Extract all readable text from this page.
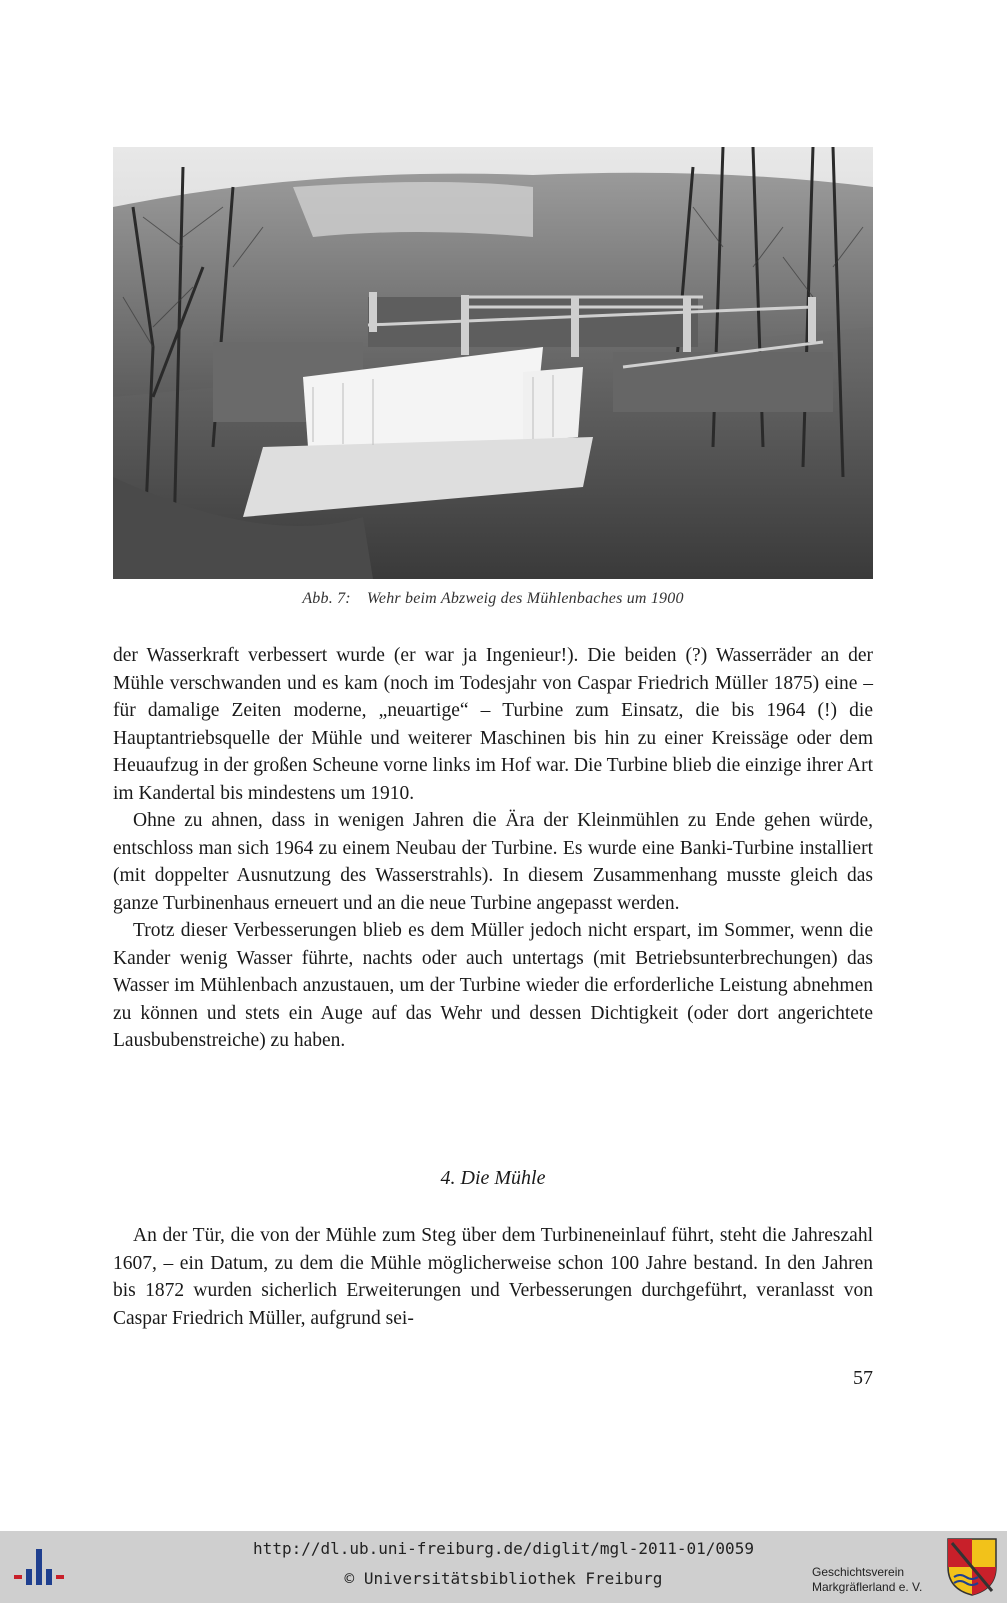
Abb. 7: Wehr beim Abzweig des Mühlenbaches um 1900

der Wasserkraft verbessert wurde (er war ja Ingenieur!). Die beiden (?) Wasserräder an der Mühle verschwanden und es kam (noch im Todesjahr von Caspar Friedrich Müller 1875) eine – für damalige Zeiten moderne, „neuartige“ – Turbine zum Einsatz, die bis 1964 (!) die Hauptantriebsquelle der Mühle und weiterer Maschinen bis hin zu einer Kreissäge oder dem Heuaufzug in der großen Scheune vorne links im Hof war. Die Turbine blieb die einzige ihrer Art im Kandertal bis mindestens um 1910.

Ohne zu ahnen, dass in wenigen Jahren die Ära der Kleinmühlen zu Ende gehen würde, entschloss man sich 1964 zu einem Neubau der Turbine. Es wurde eine Banki-Turbine installiert (mit doppelter Ausnutzung des Wasserstrahls). In diesem Zusammenhang musste gleich das ganze Turbinenhaus erneuert und an die neue Turbine angepasst werden.

Trotz dieser Verbesserungen blieb es dem Müller jedoch nicht erspart, im Sommer, wenn die Kander wenig Wasser führte, nachts oder auch untertags (mit Betriebsunterbrechungen) das Wasser im Mühlenbach anzustauen, um der Turbine wieder die erforderliche Leistung abnehmen zu können und stets ein Auge auf das Wehr und dessen Dichtigkeit (oder dort angerichtete Lausbubenstreiche) zu haben.

4. Die Mühle

An der Tür, die von der Mühle zum Steg über dem Turbineneinlauf führt, steht die Jahreszahl 1607, – ein Datum, zu dem die Mühle möglicherweise schon 100 Jahre bestand. In den Jahren bis 1872 wurden sicherlich Erweiterungen und Verbesserungen durchgeführt, veranlasst von Caspar Friedrich Müller, aufgrund sei-

57
http://dl.ub.uni-freiburg.de/diglit/mgl-2011-01/0059
© Universitätsbibliothek Freiburg	Geschichtsverein
Markgräflerland e. V.
